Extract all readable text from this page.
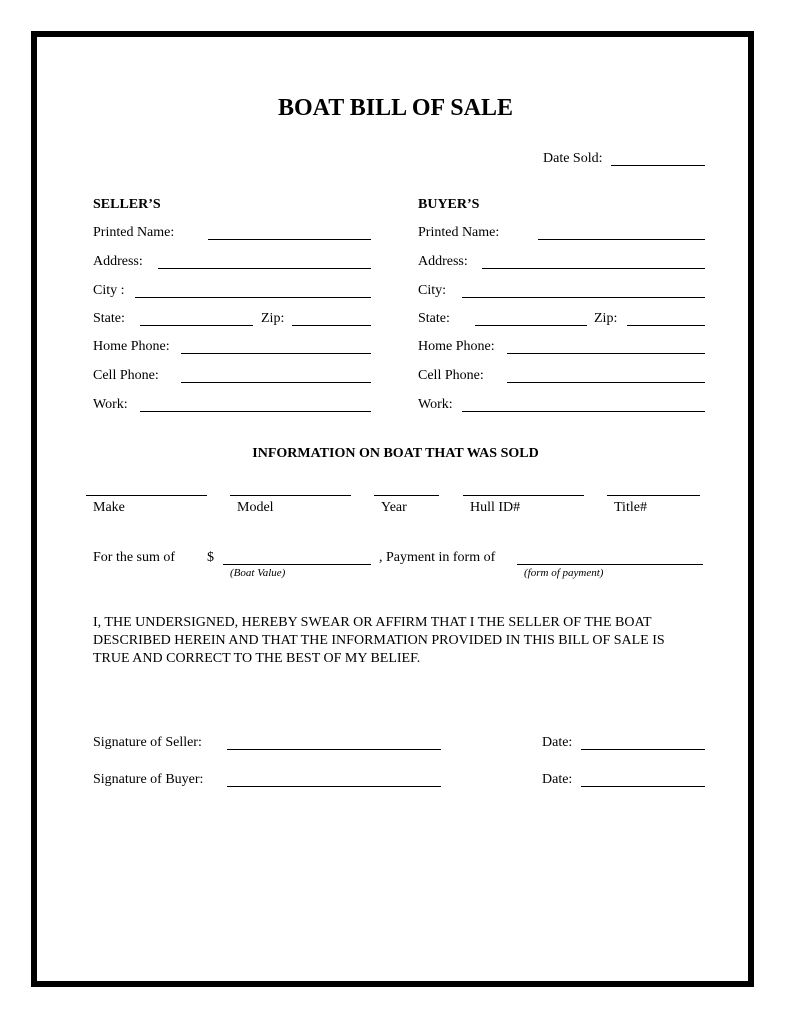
BOAT BILL OF SALE
Date Sold:
SELLER’S
Printed Name:
Address:
City :
State:	Zip:
Home Phone:
Cell Phone:
Work:
BUYER’S
Printed Name:
Address:
City:
State:	Zip:
Home Phone:
Cell Phone:
Work:
INFORMATION ON BOAT THAT WAS SOLD
Make	Model	Year	Hull ID#	Title#
For the sum of $
(Boat Value)
, Payment in form of
(form of payment)
I, THE UNDERSIGNED, HEREBY SWEAR OR AFFIRM THAT I THE SELLER OF THE BOAT
DESCRIBED HEREIN AND THAT THE INFORMATION PROVIDED IN THIS BILL OF SALE IS
TRUE AND CORRECT TO THE BEST OF MY BELIEF.
Signature of Seller:	Date:
Signature of Buyer:	Date:
